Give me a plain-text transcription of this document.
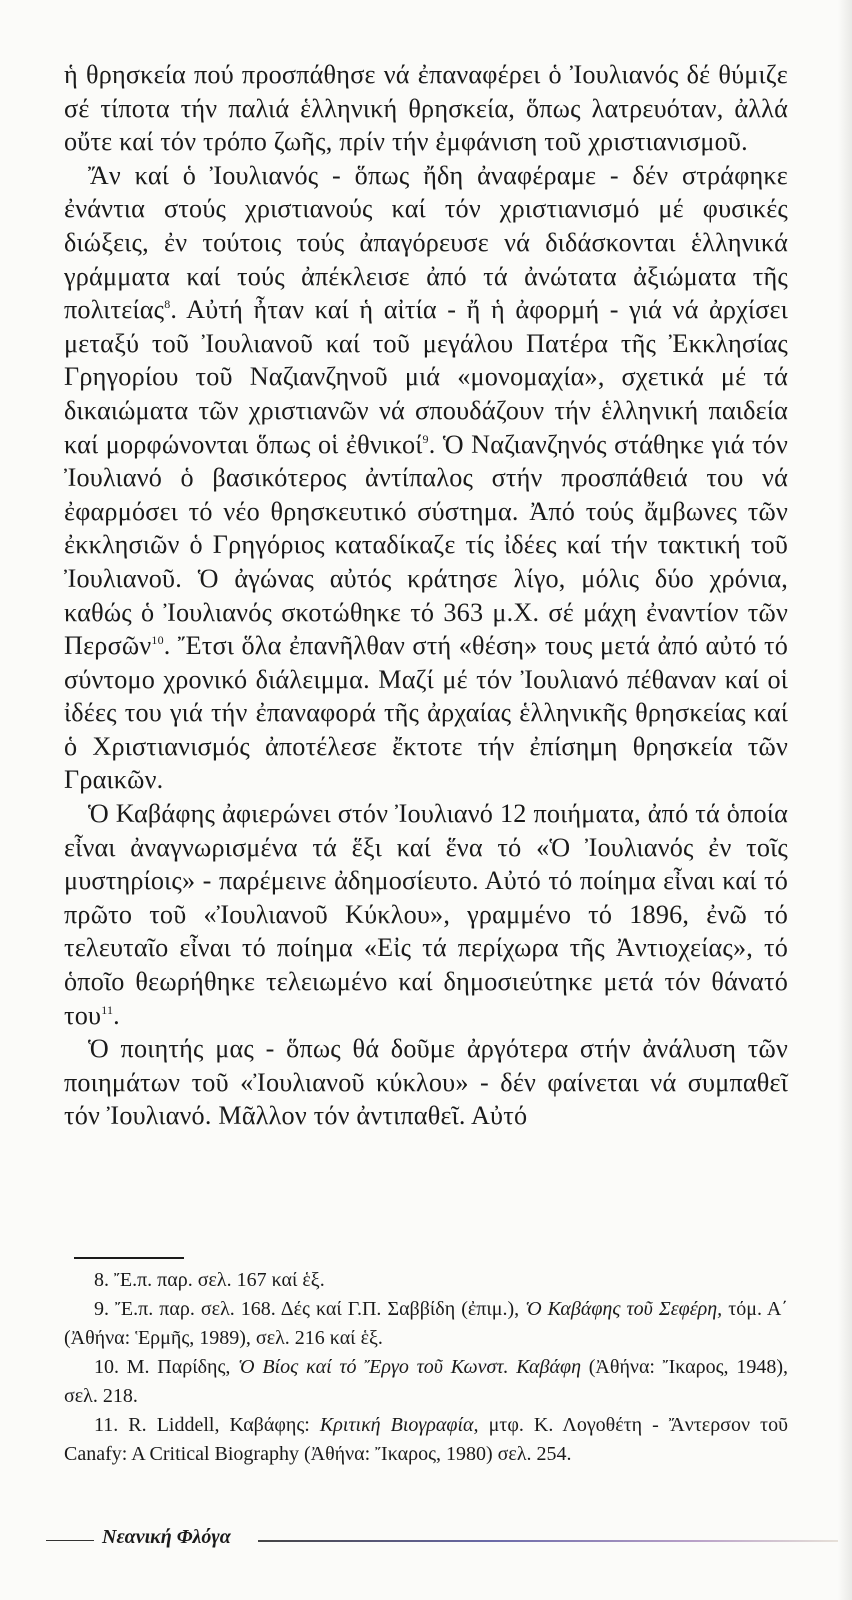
ἡ θρησκεία πού προσπάθησε νά ἐπαναφέρει ὁ Ἰουλιανός δέ θύμιζε σέ τίποτα τήν παλιά ἑλληνική θρησκεία, ὅπως λατρευόταν, ἀλλά οὔτε καί τόν τρόπο ζωῆς, πρίν τήν ἐμφάνιση τοῦ χριστιανισμοῦ.

Ἄν καί ὁ Ἰουλιανός - ὅπως ἤδη ἀναφέραμε - δέν στράφηκε ἐνάντια στούς χριστιανούς καί τόν χριστιανισμό μέ φυσικές διώξεις, ἐν τούτοις τούς ἀπαγόρευσε νά διδάσκονται ἑλληνικά γράμματα καί τούς ἀπέκλεισε ἀπό τά ἀνώτατα ἀξιώματα τῆς πολιτείας$^8$. Αὐτή ἦταν καί ἡ αἰτία - ἤ ἡ ἀφορμή - γιά νά ἀρχίσει μεταξύ τοῦ Ἰουλιανοῦ καί τοῦ μεγάλου Πατέρα τῆς Ἐκκλησίας Γρηγορίου τοῦ Ναζιανζηνοῦ μιά «μονομαχία», σχετικά μέ τά δικαιώματα τῶν χριστιανῶν νά σπουδάζουν τήν ἑλληνική παιδεία καί μορφώνονται ὅπως οἱ ἐθνικοί$^9$. Ὁ Ναζιανζηνός στάθηκε γιά τόν Ἰουλιανό ὁ βασικότερος ἀντίπαλος στήν προσπάθειά του νά ἐφαρμόσει τό νέο θρησκευτικό σύστημα. Ἀπό τούς ἄμβωνες τῶν ἐκκλησιῶν ὁ Γρηγόριος καταδίκαζε τίς ἰδέες καί τήν τακτική τοῦ Ἰουλιανοῦ. Ὁ ἀγώνας αὐτός κράτησε λίγο, μόλις δύο χρόνια, καθώς ὁ Ἰουλιανός σκοτώθηκε τό 363 μ.Χ. σέ μάχη ἐναντίον τῶν Περσῶν$^{10}$. Ἔτσι ὅλα ἐπανῆλθαν στή «θέση» τους μετά ἀπό αὐτό τό σύντομο χρονικό διάλειμμα. Μαζί μέ τόν Ἰουλιανό πέθαναν καί οἱ ἰδέες του γιά τήν ἐπαναφορά τῆς ἀρχαίας ἑλληνικῆς θρησκείας καί ὁ Χριστιανισμός ἀποτέλεσε ἔκτοτε τήν ἐπίσημη θρησκεία τῶν Γραικῶν.

Ὁ Καβάφης ἀφιερώνει στόν Ἰουλιανό 12 ποιήματα, ἀπό τά ὁποία εἶναι ἀναγνωρισμένα τά ἕξι καί ἕνα τό «Ὁ Ἰουλιανός ἐν τοῖς μυστηρίοις» - παρέμεινε ἀδημοσίευτο. Αὐτό τό ποίημα εἶναι καί τό πρῶτο τοῦ «Ἰουλιανοῦ Κύκλου», γραμμένο τό 1896, ἐνῶ τό τελευταῖο εἶναι τό ποίημα «Εἰς τά περίχωρα τῆς Ἀντιοχείας», τό ὁποῖο θεωρήθηκε τελειωμένο καί δημοσιεύτηκε μετά τόν θάνατό του$^{11}$.

Ὁ ποιητής μας - ὅπως θά δοῦμε ἀργότερα στήν ἀνάλυση τῶν ποιημάτων τοῦ «Ἰουλιανοῦ κύκλου» - δέν φαίνεται νά συμπαθεῖ τόν Ἰουλιανό. Μᾶλλον τόν ἀντιπαθεῖ. Αὐτό

8. Ἔ.π. παρ. σελ. 167 καί ἑξ.

9. Ἔ.π. παρ. σελ. 168. Δές καί Γ.Π. Σαββίδη (ἐπιμ.), Ὁ Καβάφης τοῦ Σεφέρη, τόμ. Α΄ (Ἀθήνα: Ἑρμῆς, 1989), σελ. 216 καί ἑξ.

10. Μ. Παρίδης, Ὁ Βίος καί τό Ἔργο τοῦ Κωνστ. Καβάφη (Ἀθήνα: Ἴκαρος, 1948), σελ. 218.

11. R. Liddell, Καβάφης: Κριτική Βιογραφία, μτφ. Κ. Λογοθέτη - Ἄντερσον τοῦ Canafy: A Critical Biography (Ἀθήνα: Ἴκαρος, 1980) σελ. 254.

Νεανική Φλόγα
